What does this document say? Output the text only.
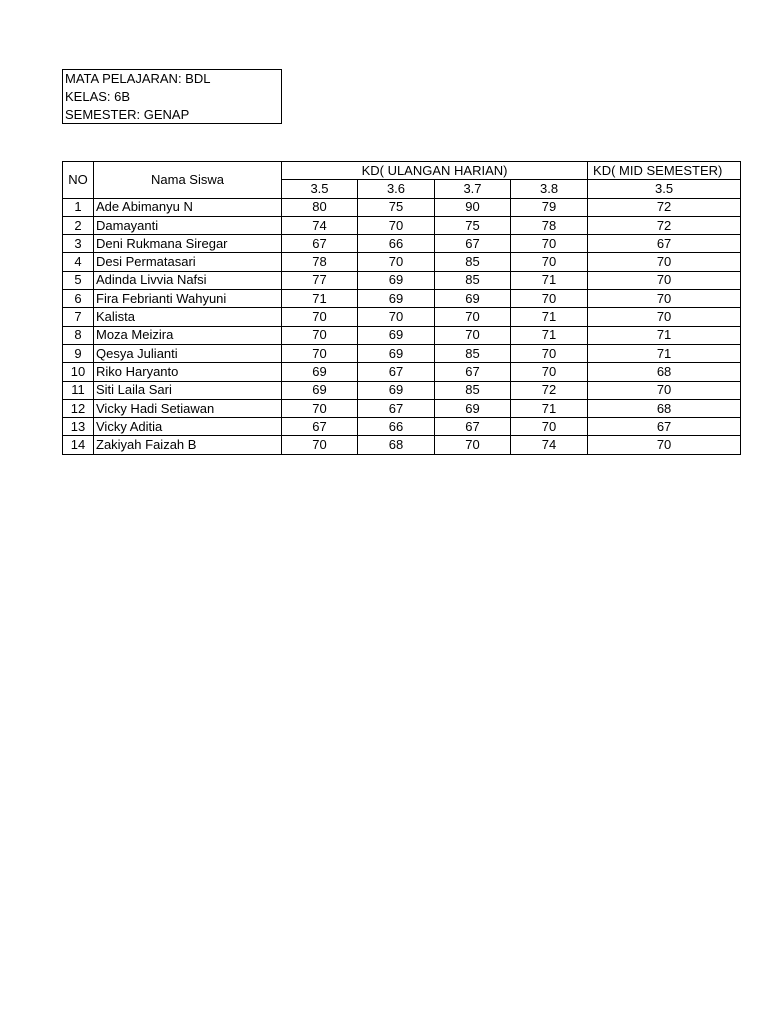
MATA PELAJARAN: BDL
KELAS: 6B
SEMESTER: GENAP
NO	Nama Siswa	KD( ULANGAN HARIAN)				KD( MID SEMESTER)
		3.5	3.6	3.7	3.8	3.5
1	Ade Abimanyu N	80	75	90	79	72
2	Damayanti	74	70	75	78	72
3	Deni Rukmana Siregar	67	66	67	70	67
4	Desi Permatasari	78	70	85	70	70
5	Adinda Livvia Nafsi	77	69	85	71	70
6	Fira Febrianti Wahyuni	71	69	69	70	70
7	Kalista	70	70	70	71	70
8	Moza Meizira	70	69	70	71	71
9	Qesya Julianti	70	69	85	70	71
10	Riko Haryanto	69	67	67	70	68
11	Siti Laila Sari	69	69	85	72	70
12	Vicky Hadi Setiawan	70	67	69	71	68
13	Vicky Aditia	67	66	67	70	67
14	Zakiyah Faizah B	70	68	70	74	70
